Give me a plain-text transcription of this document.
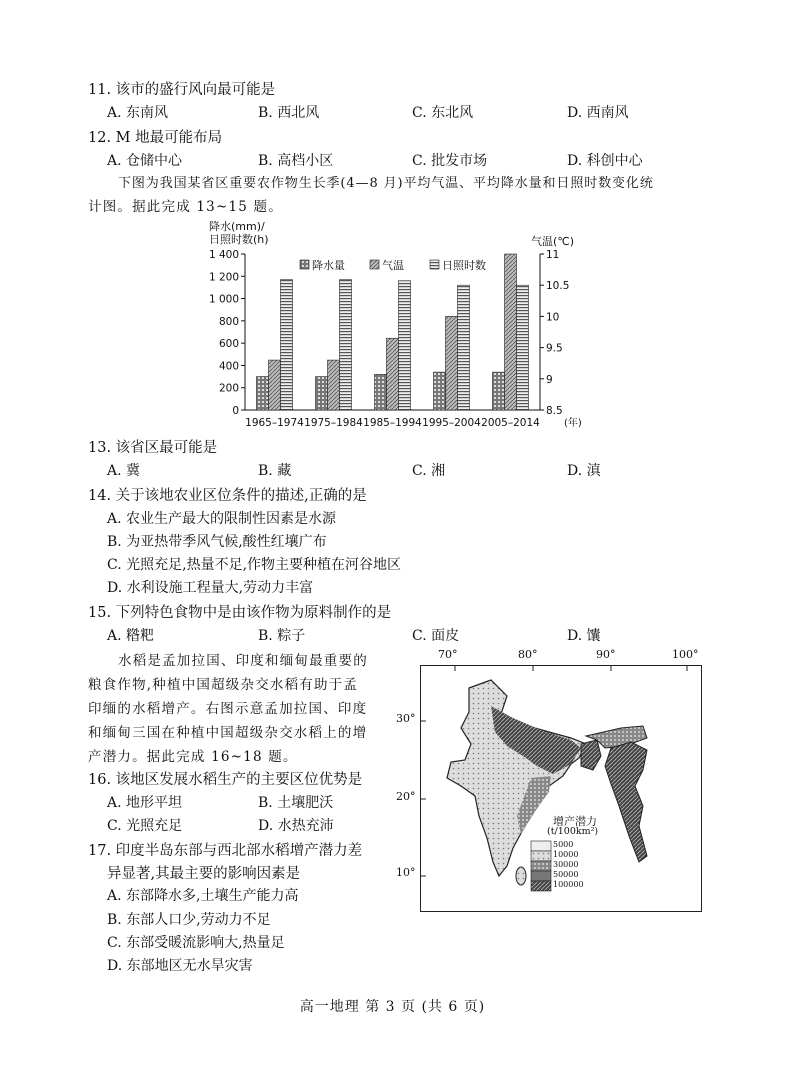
11. 该市的盛行风向最可能是
A. 东南风	B. 西北风	C. 东北风	D. 西南风
12. M 地最可能布局
A. 仓储中心	B. 高档小区	C. 批发市场	D. 科创中心
下图为我国某省区重要农作物生长季(4—8 月)平均气温、平均降水量和日照时数变化统
计图。据此完成 13~15 题。
0
200
400
600
800
1 000
1 200
1 400
8.5
9
9.5
10
10.5
11
降水(mm)/
日照时数(h)	气温(℃)
1965–1974 1975–1984 1985–1994 1995–2004 2005–2014 (年)
降水量	气温	日照时数
13. 该省区最可能是
A. 冀	B. 藏	C. 湘	D. 滇
14. 关于该地农业区位条件的描述,正确的是
A. 农业生产最大的限制性因素是水源
B. 为亚热带季风气候,酸性红壤广布
C. 光照充足,热量不足,作物主要种植在河谷地区
D. 水利设施工程量大,劳动力丰富
15. 下列特色食物中是由该作物为原料制作的是
A. 糌粑	B. 粽子	C. 面皮	D. 馕
水稻是孟加拉国、印度和缅甸最重要的
粮食作物,种植中国超级杂交水稻有助于孟
印缅的水稻增产。右图示意孟加拉国、印度
和缅甸三国在种植中国超级杂交水稻上的增
产潜力。据此完成 16~18 题。
70°	80°	90°	100°
30°
20°
10°
增产潜力
(t/100km²)
5000
10000
30000
50000
100000
16. 该地区发展水稻生产的主要区位优势是
A. 地形平坦	B. 土壤肥沃
C. 光照充足	D. 水热充沛
17. 印度半岛东部与西北部水稻增产潜力差
异显著,其最主要的影响因素是
A. 东部降水多,土壤生产能力高
B. 东部人口少,劳动力不足
C. 东部受暖流影响大,热量足
D. 东部地区无水旱灾害
高一地理 第 3 页 (共 6 页)
